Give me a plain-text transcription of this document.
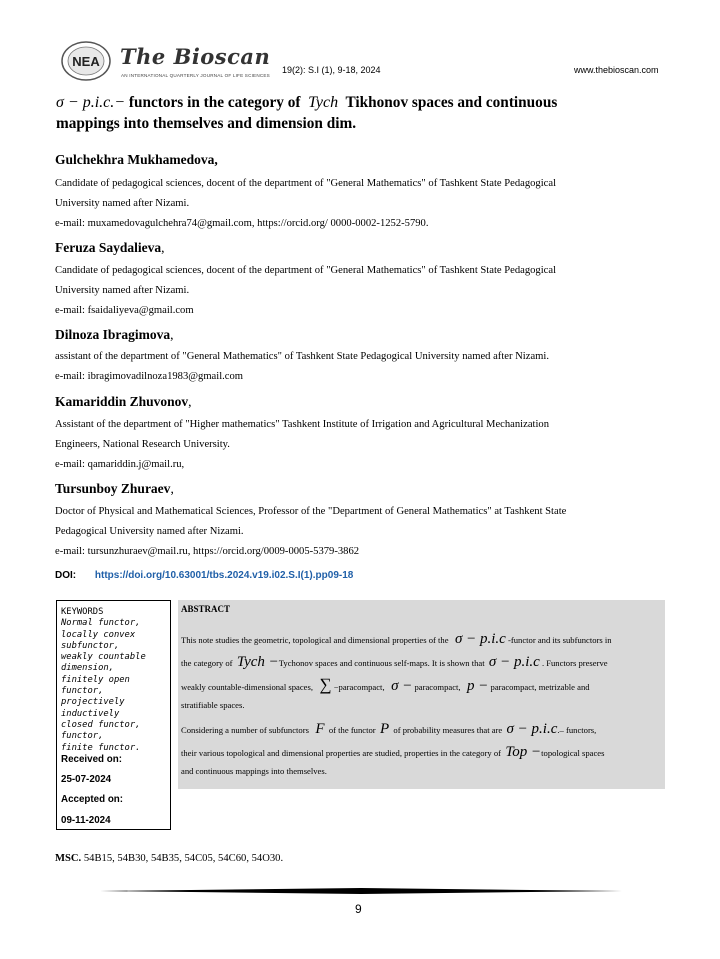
NEA The Bioscan
AN INTERNATIONAL QUARTERLY JOURNAL OF LIFE SCIENCES
19(2): S.I (1), 9-18, 2024	www.thebioscan.com
σ − p.i.c.− functors in the category of Tych Tikhonov spaces and continuous
mappings into themselves and dimension dim.
Gulchekhra Mukhamedova,
Candidate of pedagogical sciences, docent of the department of "General Mathematics" of Tashkent State Pedagogical
University named after Nizami.
e-mail: muxamedovagulchehra74@gmail.com, https://orcid.org/ 0000-0002-1252-5790.
Feruza Saydalieva,
Candidate of pedagogical sciences, docent of the department of "General Mathematics" of Tashkent State Pedagogical
University named after Nizami.
e-mail: fsaidaliyeva@gmail.com
Dilnoza Ibragimova,
assistant of the department of "General Mathematics" of Tashkent State Pedagogical University named after Nizami.
e-mail: ibragimovadilnoza1983@gmail.com
Kamariddin Zhuvonov,
Assistant of the department of "Higher mathematics" Tashkent Institute of Irrigation and Agricultural Mechanization
Engineers, National Research University.
e-mail: qamariddin.j@mail.ru,
Tursunboy Zhuraev,
Doctor of Physical and Mathematical Sciences, Professor of the "Department of General Mathematics" at Tashkent State
Pedagogical University named after Nizami.
e-mail: tursunzhuraev@mail.ru, https://orcid.org/0009-0005-5379-3862
DOI: https://doi.org/10.63001/tbs.2024.v19.i02.S.I(1).pp09-18
KEYWORDS
Normal functor,
locally convex
subfunctor,
weakly countable
dimension,
finitely open functor,
projectively inductively
closed functor,
functor,
finite functor.
Received on:
25-07-2024
Accepted on:
09-11-2024
ABSTRACT
This note studies the geometric, topological and dimensional properties of the σ − p.i.c -functor and its subfunctors in
the category of Tych −Tychonov spaces and continuous self-maps. It is shown that σ − p.i.c . Functors preserve
weakly countable-dimensional spaces, ∑ −paracompact, σ − paracompact, p − paracompact, metrizable and
stratifiable spaces.
Considering a number of subfunctors F of the functor P of probability measures that are σ − p.i.c.– functors,
their various topological and dimensional properties are studied, properties in the category of Top −topological spaces
and continuous mappings into themselves.
MSC. 54B15, 54B30, 54B35, 54C05, 54C60, 54O30.
9
